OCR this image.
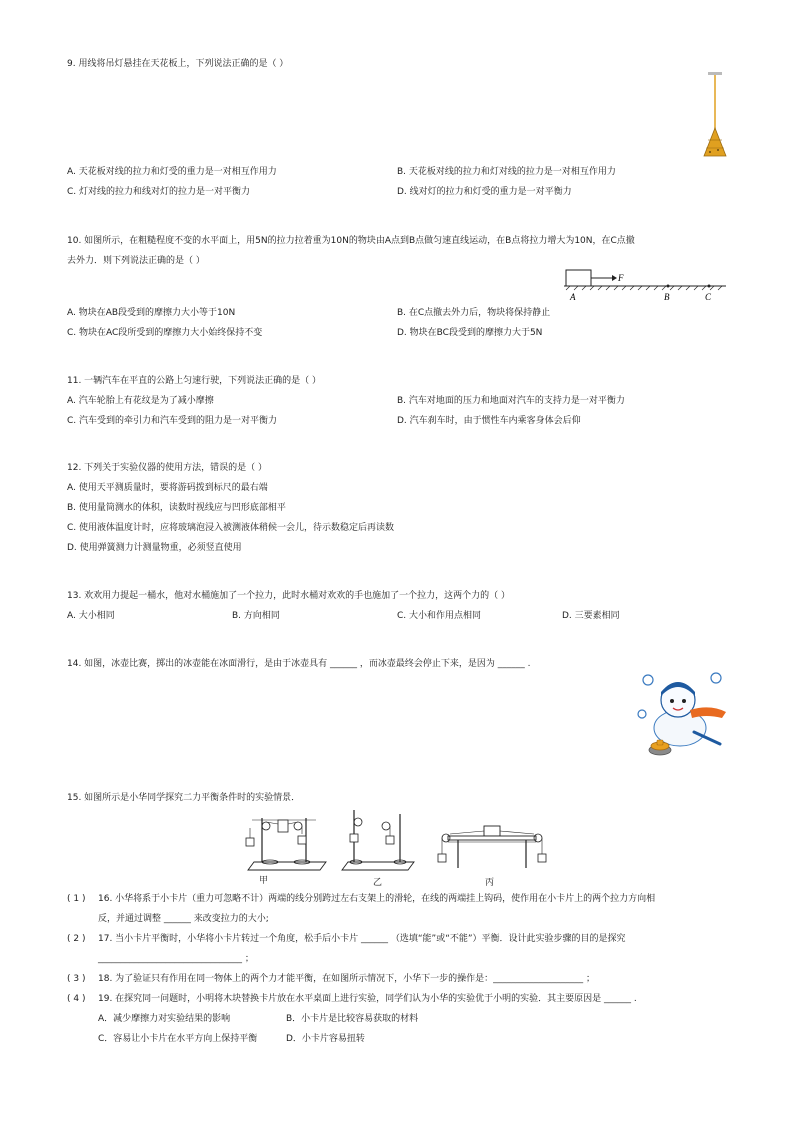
9. 用线将吊灯悬挂在天花板上，下列说法正确的是（ ）
A. 天花板对线的拉力和灯受的重力是一对相互作用力	B. 天花板对线的拉力和灯对线的拉力是一对相互作用力
C. 灯对线的拉力和线对灯的拉力是一对平衡力	D. 线对灯的拉力和灯受的重力是一对平衡力
10. 如图所示，在粗糙程度不变的水平面上，用5N的拉力拉着重为10N的物块由A点到B点做匀速直线运动，在B点将拉力增大为10N，在C点撤
去外力．则下列说法正确的是（ ）
F
A	B	C
A. 物块在AB段受到的摩擦力大小等于10N	B. 在C点撤去外力后，物块将保持静止
C. 物块在AC段所受到的摩擦力大小始终保持不变	D. 物块在BC段受到的摩擦力大于5N
11. 一辆汽车在平直的公路上匀速行驶，下列说法正确的是（ ）
A. 汽车轮胎上有花纹是为了减小摩擦	B. 汽车对地面的压力和地面对汽车的支持力是一对平衡力
C. 汽车受到的牵引力和汽车受到的阻力是一对平衡力	D. 汽车刹车时，由于惯性车内乘客身体会后仰
12. 下列关于实验仪器的使用方法，错误的是（ ）
A. 使用天平测质量时，要将游码拨到标尺的最右端
B. 使用量筒测水的体积，读数时视线应与凹形底部相平
C. 使用液体温度计时，应将玻璃泡浸入被测液体稍候一会儿，待示数稳定后再读数
D. 使用弹簧测力计测量物重，必须竖直使用
13. 欢欢用力提起一桶水，他对水桶施加了一个拉力，此时水桶对欢欢的手也施加了一个拉力，这两个力的（ ）
A. 大小相同	B. 方向相同	C. 大小和作用点相同	D. 三要素相同
14. 如图，冰壶比赛，掷出的冰壶能在冰面滑行，是由于冰壶具有 ______ ，而冰壶最终会停止下来，是因为 ______ .
15. 如图所示是小华同学探究二力平衡条件时的实验情景．
甲	乙	丙
( 1 ) 16. 小华将系于小卡片（重力可忽略不计）两端的线分别跨过左右支架上的滑轮，在线的两端挂上钩码，使作用在小卡片上的两个拉力方向相
反，并通过调整 ______ 来改变拉力的大小;
( 2 ) 17. 当小卡片平衡时，小华将小卡片转过一个角度，松手后小卡片 ______ （选填“能”或“不能”）平衡．设计此实验步骤的目的是探究
________________________________ ；
( 3 ) 18. 为了验证只有作用在同一物体上的两个力才能平衡，在如图所示情况下，小华下一步的操作是：____________________ ；
( 4 ) 19. 在探究同一问题时，小明将木块替换卡片放在水平桌面上进行实验，同学们认为小华的实验优于小明的实验．其主要原因是 ______ .
A．减少摩擦力对实验结果的影响	B．小卡片是比较容易获取的材料
C．容易让小卡片在水平方向上保持平衡	D．小卡片容易扭转
